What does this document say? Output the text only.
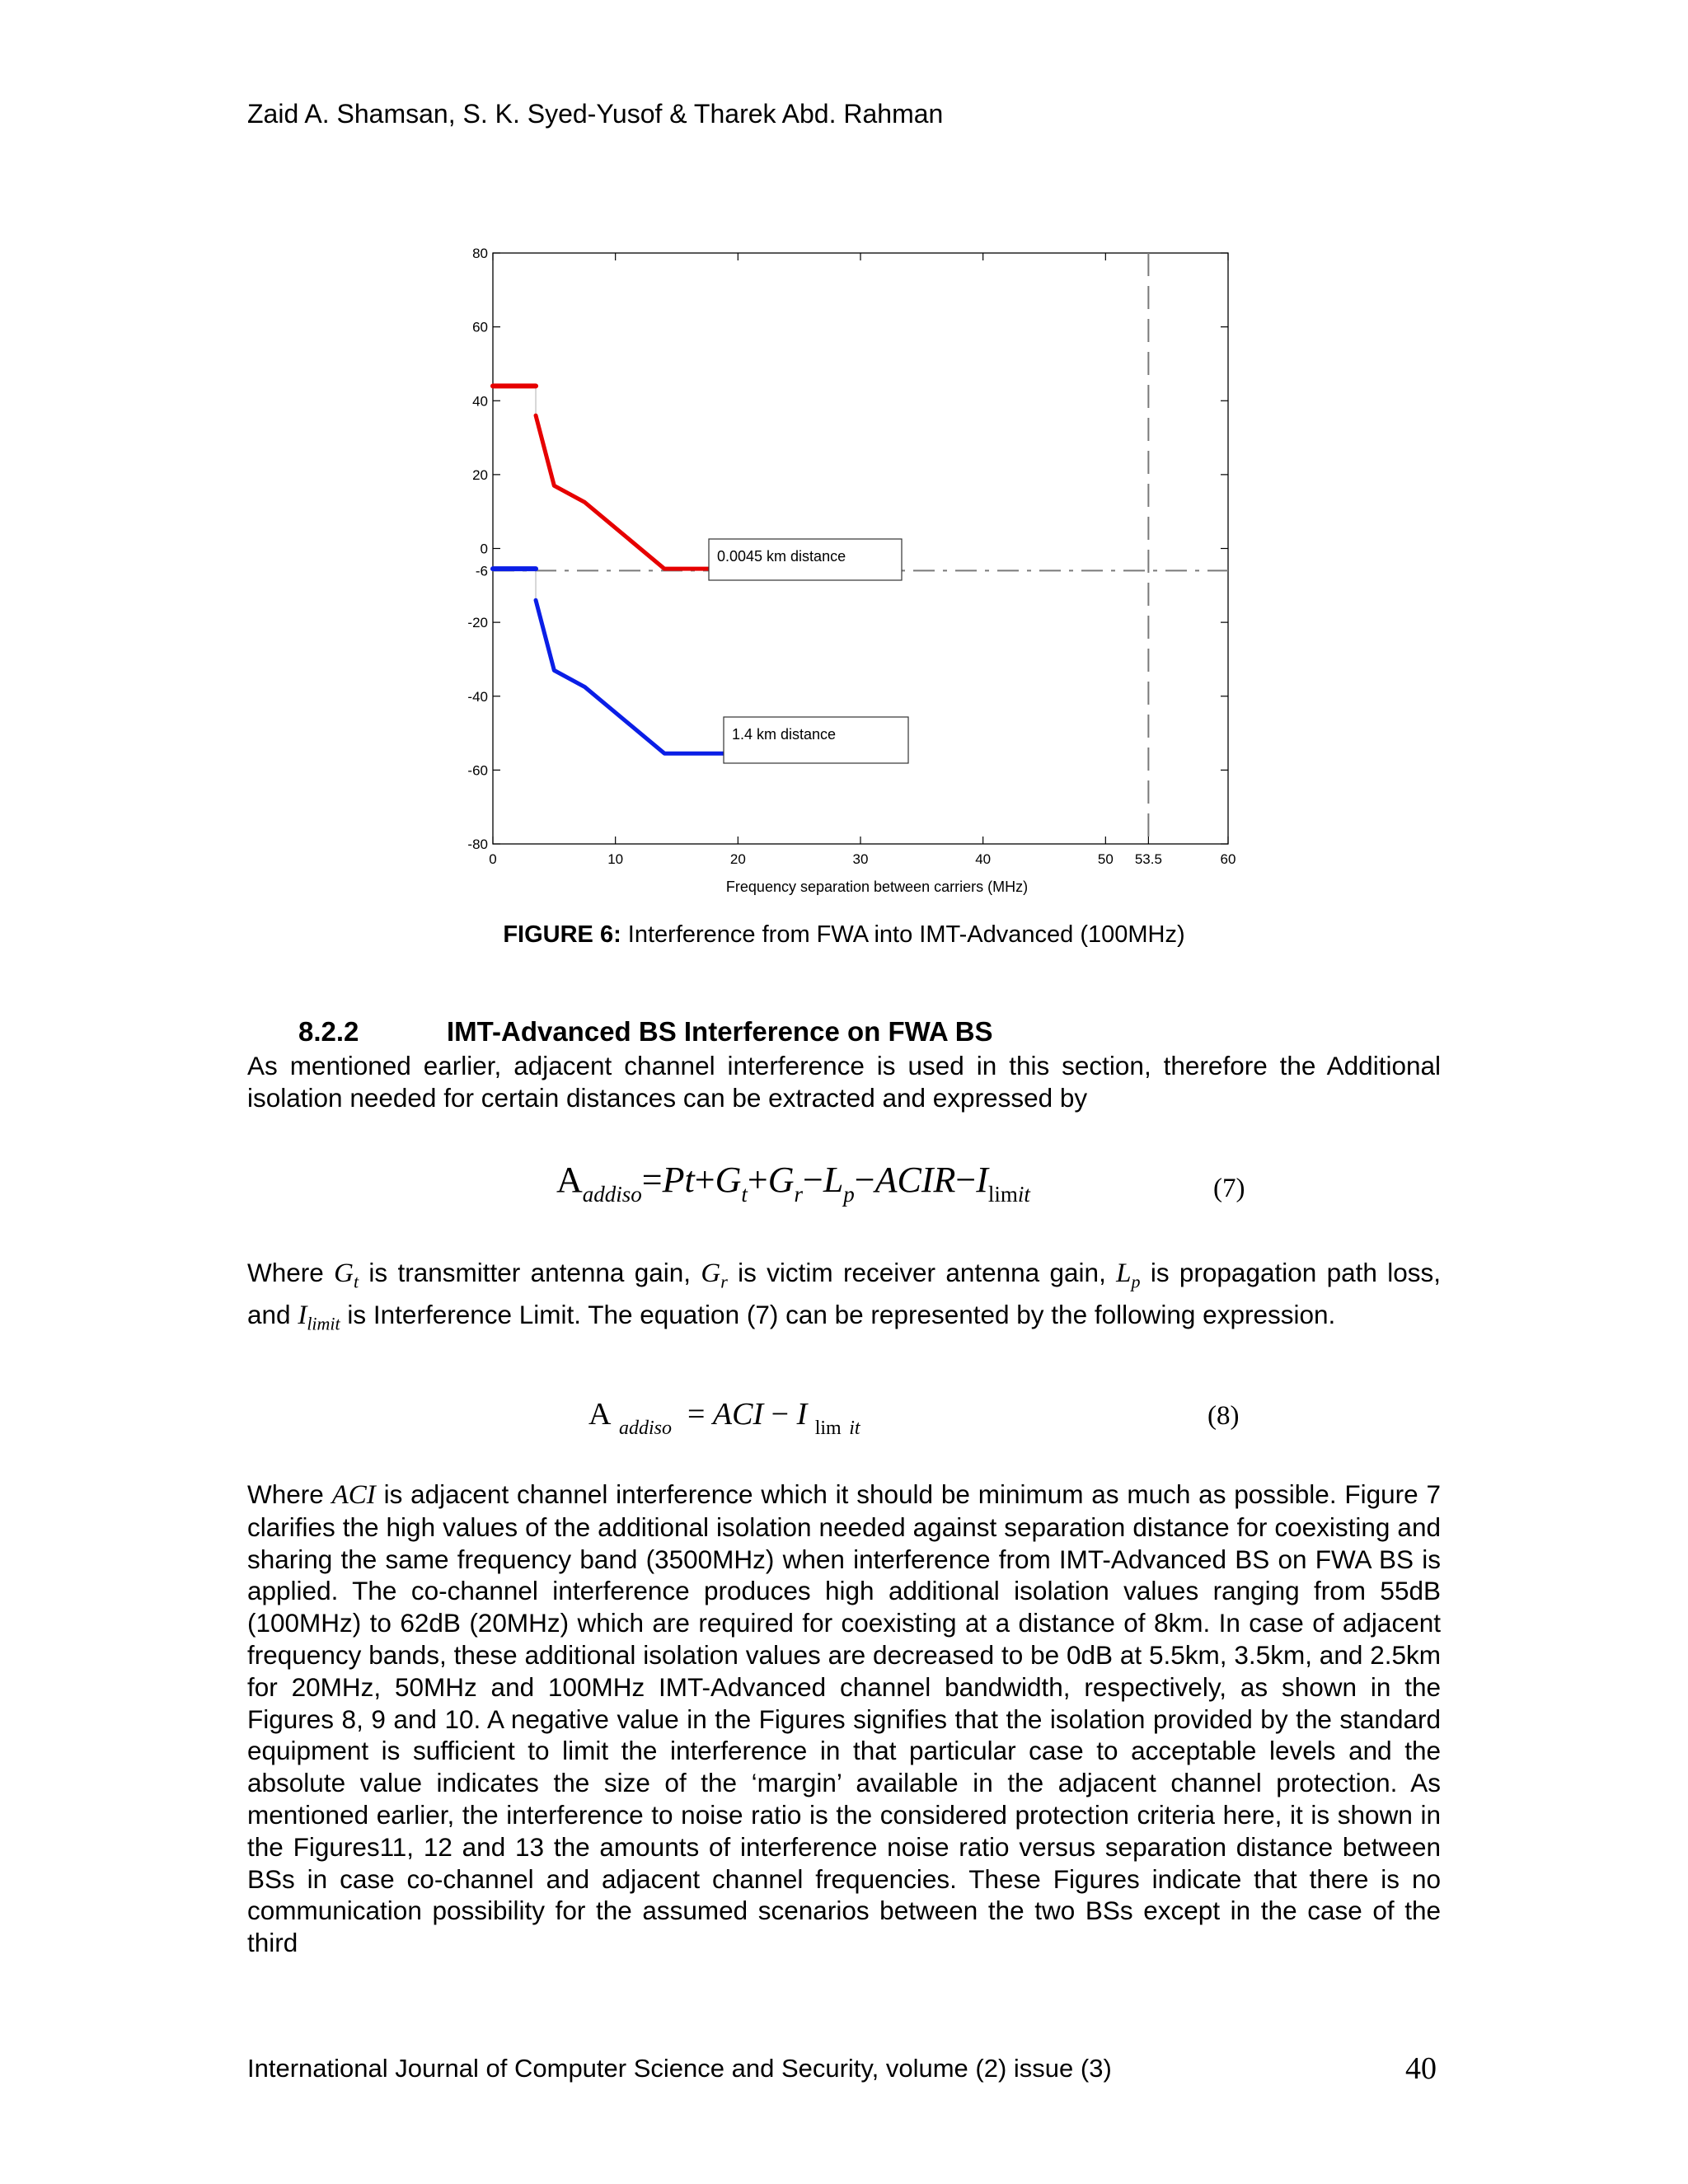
Zaid A. Shamsan, S. K. Syed-Yusof & Tharek Abd. Rahman
0	10	20	30	40	50 53.5	60
80
60
40
20
0
-6
-20
-40
-60
-80
0.0045 km distance
1.4 km distance
Frequency separation between carriers (MHz)
FIGURE 6: Interference from FWA into IMT-Advanced (100MHz)
8.2.2	IMT-Advanced BS Interference on FWA BS
As mentioned earlier, adjacent channel interference is used in this section, therefore the Additional isolation needed for certain distances can be extracted and expressed by
$A_{addiso}=Pt+G_t+G_r-L_p-ACIR-I_{limit}$	(7)
Where $G_t$ is transmitter antenna gain, $G_r$ is victim receiver antenna gain, $L_p$ is propagation path loss, and $I_{limit}$ is Interference Limit. The equation (7) can be represented by the following expression.
A $_{addiso}$ = ACI − I $_{lim}$ $_{it}$	(8)
Where ACI is adjacent channel interference which it should be minimum as much as possible. Figure 7 clarifies the high values of the additional isolation needed against separation distance for coexisting and sharing the same frequency band (3500MHz) when interference from IMT-Advanced BS on FWA BS is applied. The co-channel interference produces high additional isolation values ranging from 55dB (100MHz) to 62dB (20MHz) which are required for coexisting at a distance of 8km. In case of adjacent frequency bands, these additional isolation values are decreased to be 0dB at 5.5km, 3.5km, and 2.5km for 20MHz, 50MHz and 100MHz IMT-Advanced channel bandwidth, respectively, as shown in the Figures 8, 9 and 10. A negative value in the Figures signifies that the isolation provided by the standard equipment is sufficient to limit the interference in that particular case to acceptable levels and the absolute value indicates the size of the ‘margin’ available in the adjacent channel protection. As mentioned earlier, the interference to noise ratio is the considered protection criteria here, it is shown in the Figures11, 12 and 13 the amounts of interference noise ratio versus separation distance between BSs in case co-channel and adjacent channel frequencies. These Figures indicate that there is no communication possibility for the assumed scenarios between the two BSs except in the case of the third
International Journal of Computer Science and Security, volume (2) issue (3)	40
